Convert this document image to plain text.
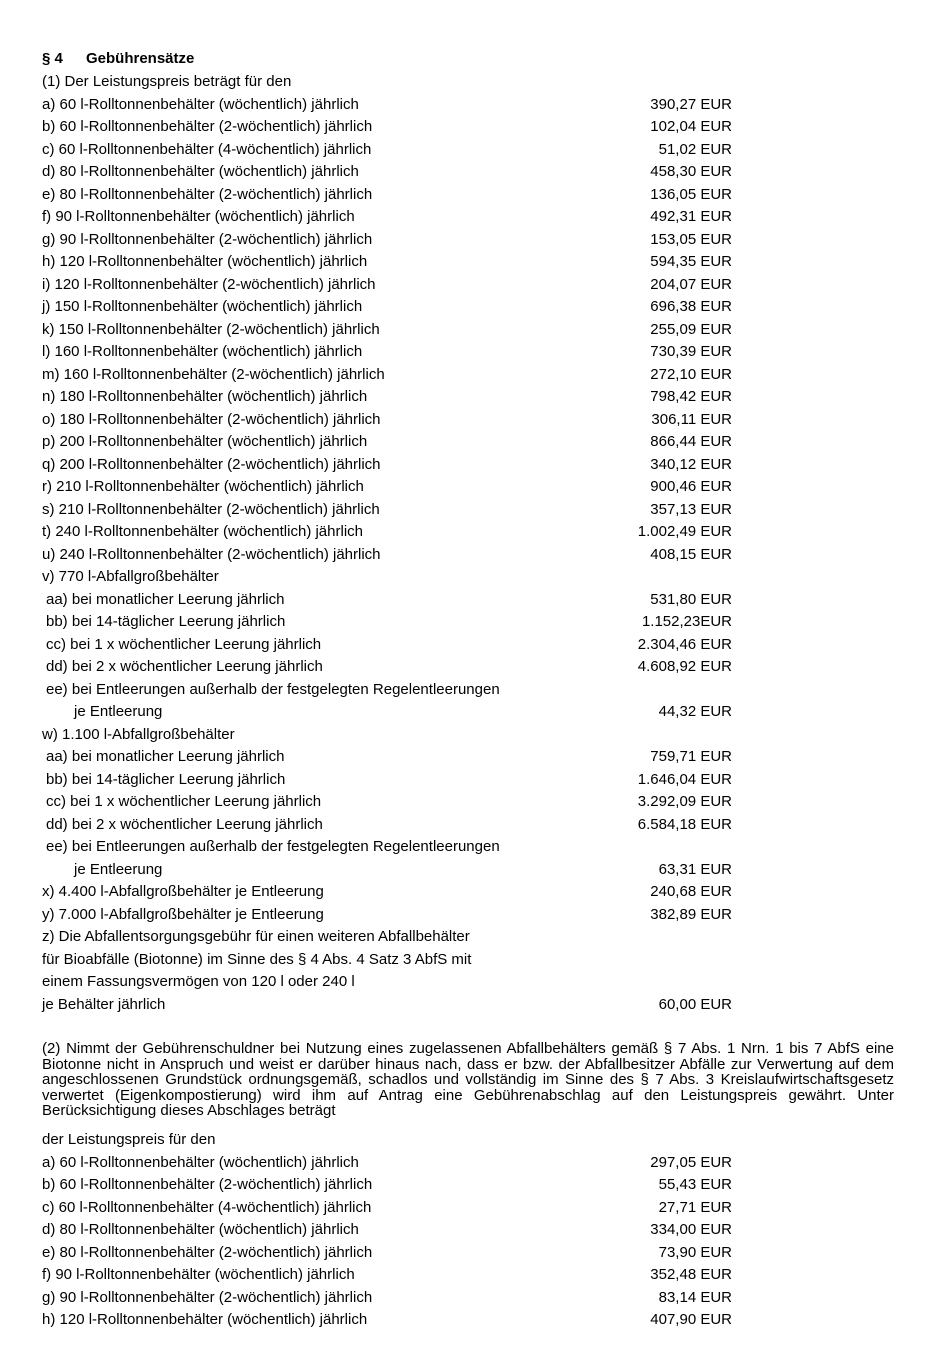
§ 4	Gebührensätze
(1) Der Leistungspreis beträgt für den
a) 60 l-Rolltonnenbehälter (wöchentlich) jährlich	390,27 EUR
b) 60 l-Rolltonnenbehälter (2-wöchentlich) jährlich	102,04 EUR
c) 60 l-Rolltonnenbehälter (4-wöchentlich) jährlich	51,02 EUR
d) 80 l-Rolltonnenbehälter (wöchentlich) jährlich	458,30 EUR
e) 80 l-Rolltonnenbehälter (2-wöchentlich) jährlich	136,05 EUR
f) 90 l-Rolltonnenbehälter (wöchentlich) jährlich	492,31 EUR
g) 90 l-Rolltonnenbehälter (2-wöchentlich) jährlich	153,05 EUR
h) 120 l-Rolltonnenbehälter (wöchentlich) jährlich	594,35 EUR
i) 120 l-Rolltonnenbehälter (2-wöchentlich) jährlich	204,07 EUR
j) 150 l-Rolltonnenbehälter (wöchentlich) jährlich	696,38 EUR
k) 150 l-Rolltonnenbehälter (2-wöchentlich) jährlich	255,09 EUR
l) 160 l-Rolltonnenbehälter (wöchentlich) jährlich	730,39 EUR
m) 160 l-Rolltonnenbehälter (2-wöchentlich) jährlich	272,10 EUR
n) 180 l-Rolltonnenbehälter (wöchentlich) jährlich	798,42 EUR
o) 180 l-Rolltonnenbehälter (2-wöchentlich) jährlich	306,11 EUR
p) 200 l-Rolltonnenbehälter (wöchentlich) jährlich	866,44 EUR
q) 200 l-Rolltonnenbehälter (2-wöchentlich) jährlich	340,12 EUR
r) 210 l-Rolltonnenbehälter (wöchentlich) jährlich	900,46 EUR
s) 210 l-Rolltonnenbehälter (2-wöchentlich) jährlich	357,13 EUR
t) 240 l-Rolltonnenbehälter (wöchentlich) jährlich	1.002,49 EUR
u) 240 l-Rolltonnenbehälter (2-wöchentlich) jährlich	408,15 EUR
v) 770 l-Abfallgroßbehälter
aa) bei monatlicher Leerung jährlich	531,80 EUR
bb) bei 14-täglicher Leerung jährlich	1.152,23EUR
cc) bei 1 x wöchentlicher Leerung jährlich	2.304,46 EUR
dd) bei 2 x wöchentlicher Leerung jährlich	4.608,92 EUR
ee) bei Entleerungen außerhalb der festgelegten Regelentleerungen
je Entleerung	44,32 EUR
w) 1.100 l-Abfallgroßbehälter
aa) bei monatlicher Leerung jährlich	759,71 EUR
bb) bei 14-täglicher Leerung jährlich	1.646,04 EUR
cc) bei 1 x wöchentlicher Leerung jährlich	3.292,09 EUR
dd) bei 2 x wöchentlicher Leerung jährlich	6.584,18 EUR
ee) bei Entleerungen außerhalb der festgelegten Regelentleerungen
je Entleerung	63,31 EUR
x) 4.400 l-Abfallgroßbehälter je Entleerung	240,68 EUR
y) 7.000 l-Abfallgroßbehälter je Entleerung	382,89 EUR
z) Die Abfallentsorgungsgebühr für einen weiteren Abfallbehälter
für Bioabfälle (Biotonne) im Sinne des § 4 Abs. 4 Satz 3 AbfS mit
einem Fassungsvermögen von 120 l oder 240 l
je Behälter jährlich	60,00 EUR
(2) Nimmt der Gebührenschuldner bei Nutzung eines zugelassenen Abfallbehälters gemäß § 7 Abs. 1 Nrn. 1 bis 7 AbfS eine Biotonne nicht in Anspruch und weist er darüber hinaus nach, dass er bzw. der Abfallbesitzer Abfälle zur Verwertung auf dem angeschlossenen Grundstück ordnungsgemäß, schadlos und vollständig im Sinne des § 7 Abs. 3 Kreislaufwirtschaftsgesetz verwertet (Eigenkompostierung) wird ihm auf Antrag eine Gebührenabschlag auf den Leistungspreis gewährt. Unter Berücksichtigung dieses Abschlages beträgt
der Leistungspreis für den
a) 60 l-Rolltonnenbehälter (wöchentlich) jährlich	297,05 EUR
b) 60 l-Rolltonnenbehälter (2-wöchentlich) jährlich	55,43 EUR
c) 60 l-Rolltonnenbehälter (4-wöchentlich) jährlich	27,71 EUR
d) 80 l-Rolltonnenbehälter (wöchentlich) jährlich	334,00 EUR
e) 80 l-Rolltonnenbehälter (2-wöchentlich) jährlich	73,90 EUR
f) 90 l-Rolltonnenbehälter (wöchentlich) jährlich	352,48 EUR
g) 90 l-Rolltonnenbehälter (2-wöchentlich) jährlich	83,14 EUR
h) 120 l-Rolltonnenbehälter (wöchentlich) jährlich	407,90 EUR
